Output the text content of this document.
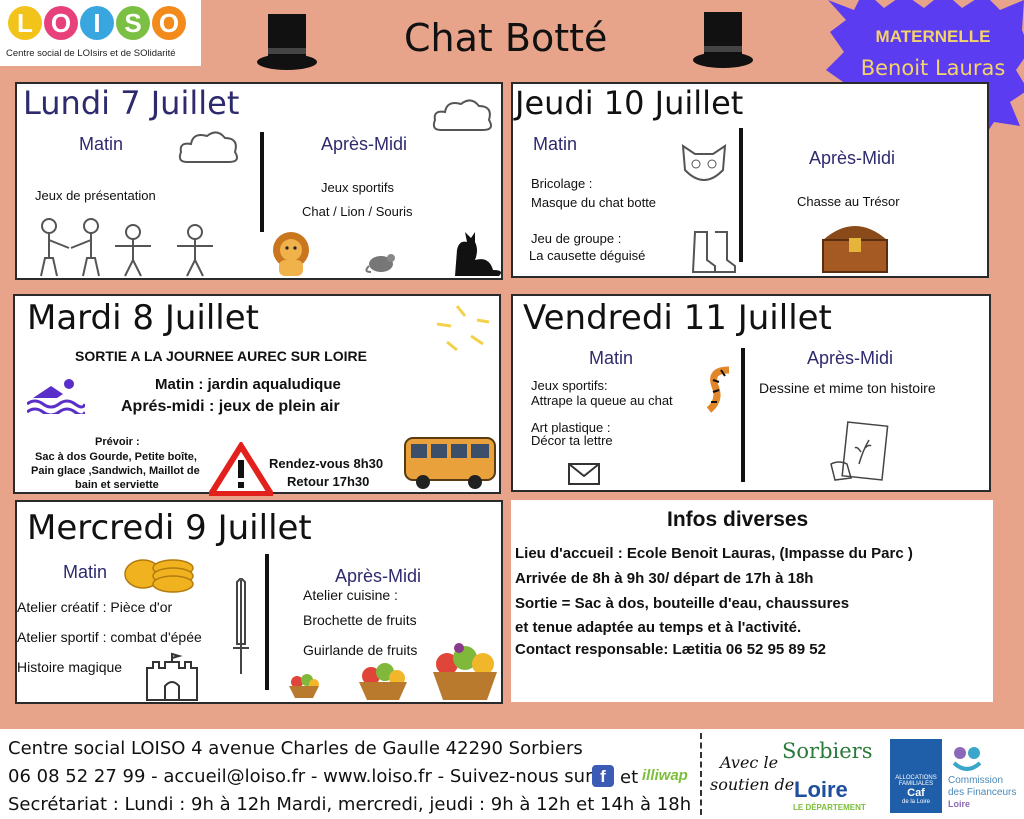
L O I S O
Centre social de LOIsirs et de SOlidarité	Chat Botté	MATERNELLE
Benoit Lauras
Lundi 7 Juillet
Matin
Jeux de présentation
Après-Midi
Jeux sportifs
Chat / Lion / Souris
Jeudi 10 Juillet
Matin
Bricolage :
Masque du chat botte
Jeu de groupe :
La causette déguisé
Après-Midi
Chasse au Trésor
Mardi 8 Juillet
SORTIE A LA JOURNEE AUREC SUR LOIRE
Matin : jardin aqualudique
Aprés-midi : jeux de plein air
Prévoir :
Sac à dos Gourde, Petite boîte,
Pain glace ,Sandwich, Maillot de
bain et serviette
Rendez-vous 8h30
Retour 17h30
Vendredi 11 Juillet
Matin
Jeux sportifs:
Attrape la queue au chat
Art plastique :
Décor ta lettre
Après-Midi
Dessine et mime ton histoire
Mercredi 9 Juillet
Matin
Atelier créatif : Pièce d'or
Atelier sportif : combat d'épée
Histoire magique
Après-Midi
Atelier cuisine :
Brochette de fruits
Guirlande de fruits
Infos diverses
Lieu d'accueil : Ecole Benoit Lauras, (Impasse du Parc )
Arrivée de 8h à 9h 30/ départ de 17h à 18h
Sortie = Sac à dos, bouteille d'eau, chaussures
et tenue adaptée au temps et à l'activité.
Contact responsable: Lætitia 06 52 95 89 52
Centre social LOISO 4 avenue Charles de Gaulle 42290 Sorbiers
06 08 52 27 99 - accueil@loiso.fr - www.loiso.fr - Suivez-nous sur f et illiwap
Secrétariat : Lundi : 9h à 12h Mardi, mercredi, jeudi : 9h à 12h et 14h à 18h
Avec le
soutien de
Sorbiers
Loire
LE DÉPARTEMENT
ALLOCATIONS
FAMILIALES
Caf
de la Loire
Commission
des Financeurs
Loire
